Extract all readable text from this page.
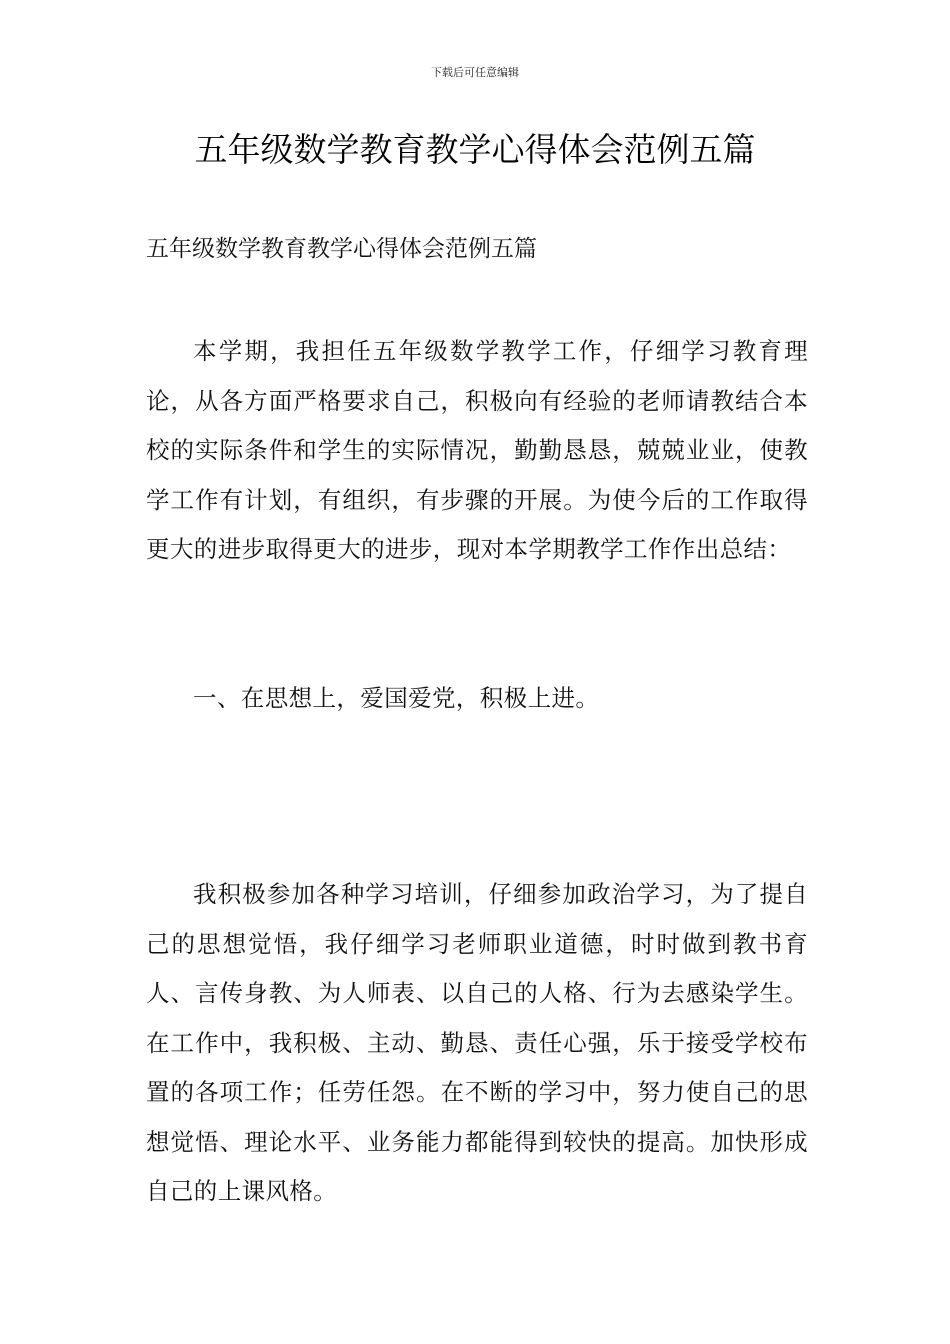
下载后可任意编辑
五年级数学教育教学心得体会范例五篇

五年级数学教育教学心得体会范例五篇

本学期，我担任五年级数学教学工作，仔细学习教育理论，从各方面严格要求自己，积极向有经验的老师请教结合本校的实际条件和学生的实际情况，勤勤恳恳，兢兢业业，使教学工作有计划，有组织，有步骤的开展。为使今后的工作取得更大的进步取得更大的进步，现对本学期教学工作作出总结：

一、在思想上，爱国爱党，积极上进。

我积极参加各种学习培训，仔细参加政治学习，为了提自己的思想觉悟，我仔细学习老师职业道德，时时做到教书育人、言传身教、为人师表、以自己的人格、行为去感染学生。在工作中，我积极、主动、勤恳、责任心强，乐于接受学校布置的各项工作；任劳任怨。在不断的学习中，努力使自己的思想觉悟、理论水平、业务能力都能得到较快的提高。加快形成自己的上课风格。
